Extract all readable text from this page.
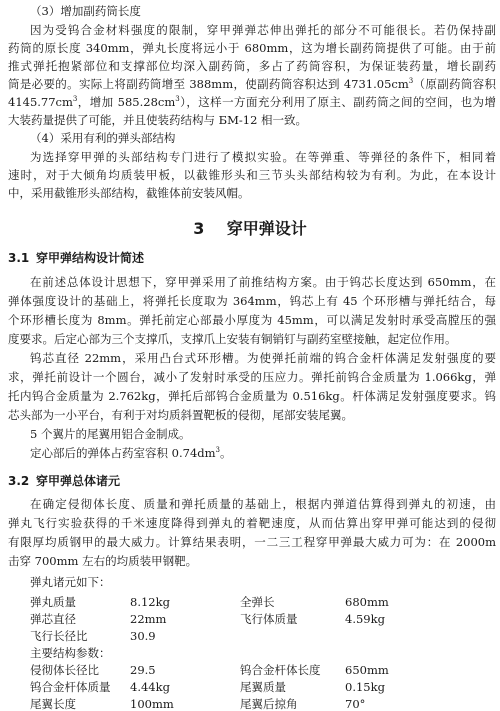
（3）增加副药筒长度
因为受钨合金材料强度的限制，穿甲弹弹芯伸出弹托的部分不可能很长。若仍保持副
药筒的原长度 340mm，弹丸长度将远小于 680mm，这为增长副药筒提供了可能。由于前
推式弹托抱紧部位和支撑部位均深入副药筒，多占了药筒容积，为保证装药量，增长副药
筒是必要的。实际上将副药筒增至 388mm，使副药筒容积达到 $4731.05cm^3$（原副药筒容积
$4145.77cm^3$，增加 $585.28cm^3$），这样一方面充分利用了原主、副药筒之间的空间，也为增
大装药量提供了可能，并且使装药结构与 БМ-12 相一致。
（4）采用有利的弹头部结构
为选择穿甲弹的头部结构专门进行了模拟实验。在等弹重、等弹径的条件下，相同着
速时，对于大倾角均质装甲板，以截锥形头和三节头头部结构较为有利。为此，在本设计
中，采用截锥形头部结构，截锥体前安装风帽。
3 穿甲弹设计
3.1 穿甲弹结构设计简述
在前述总体设计思想下，穿甲弹采用了前推结构方案。由于钨芯长度达到 650mm，在
弹体强度设计的基础上，将弹托长度取为 364mm，钨芯上有 45 个环形槽与弹托结合，每
个环形槽长度为 8mm。弹托前定心部最小厚度为 45mm，可以满足发射时承受高膛压的强
度要求。后定心部为三个支撑爪，支撑爪上安装有铜销钉与副药室壁接触，起定位作用。
钨芯直径 22mm，采用凸台式环形槽。为使弹托前端的钨合金杆体满足发射强度的要
求，弹托前设计一个圆台，减小了发射时承受的压应力。弹托前钨合金质量为 1.066kg，弹
托内钨合金质量为 2.762kg，弹托后部钨合金质量为 0.516kg。杆体满足发射强度要求。钨
芯头部为一小平台，有利于对均质斜置靶板的侵彻，尾部安装尾翼。
5 个翼片的尾翼用铝合金制成。
定心部后的弹体占药室容积 $0.74dm^3$。
3.2 穿甲弹总体诸元
在确定侵彻体长度、质量和弹托质量的基础上，根据内弹道估算得到弹丸的初速，由
弹丸飞行实验获得的千米速度降得到弹丸的着靶速度，从而估算出穿甲弹可能达到的侵彻
有限厚均质钢甲的最大威力。计算结果表明，一二三工程穿甲弹最大威力可为：在 2000m
击穿 700mm 左右的均质装甲钢靶。
弹丸诸元如下：
弹丸质量	8.12kg	全弹长	680mm
弹芯直径	22mm	飞行体质量	4.59kg
飞行长径比	30.9
主要结构参数：
侵彻体长径比	29.5	钨合金杆体长度 650mm
钨合金杆体质量 4.44kg	尾翼质量	0.15kg
尾翼长度	100mm	尾翼后掠角	70°
